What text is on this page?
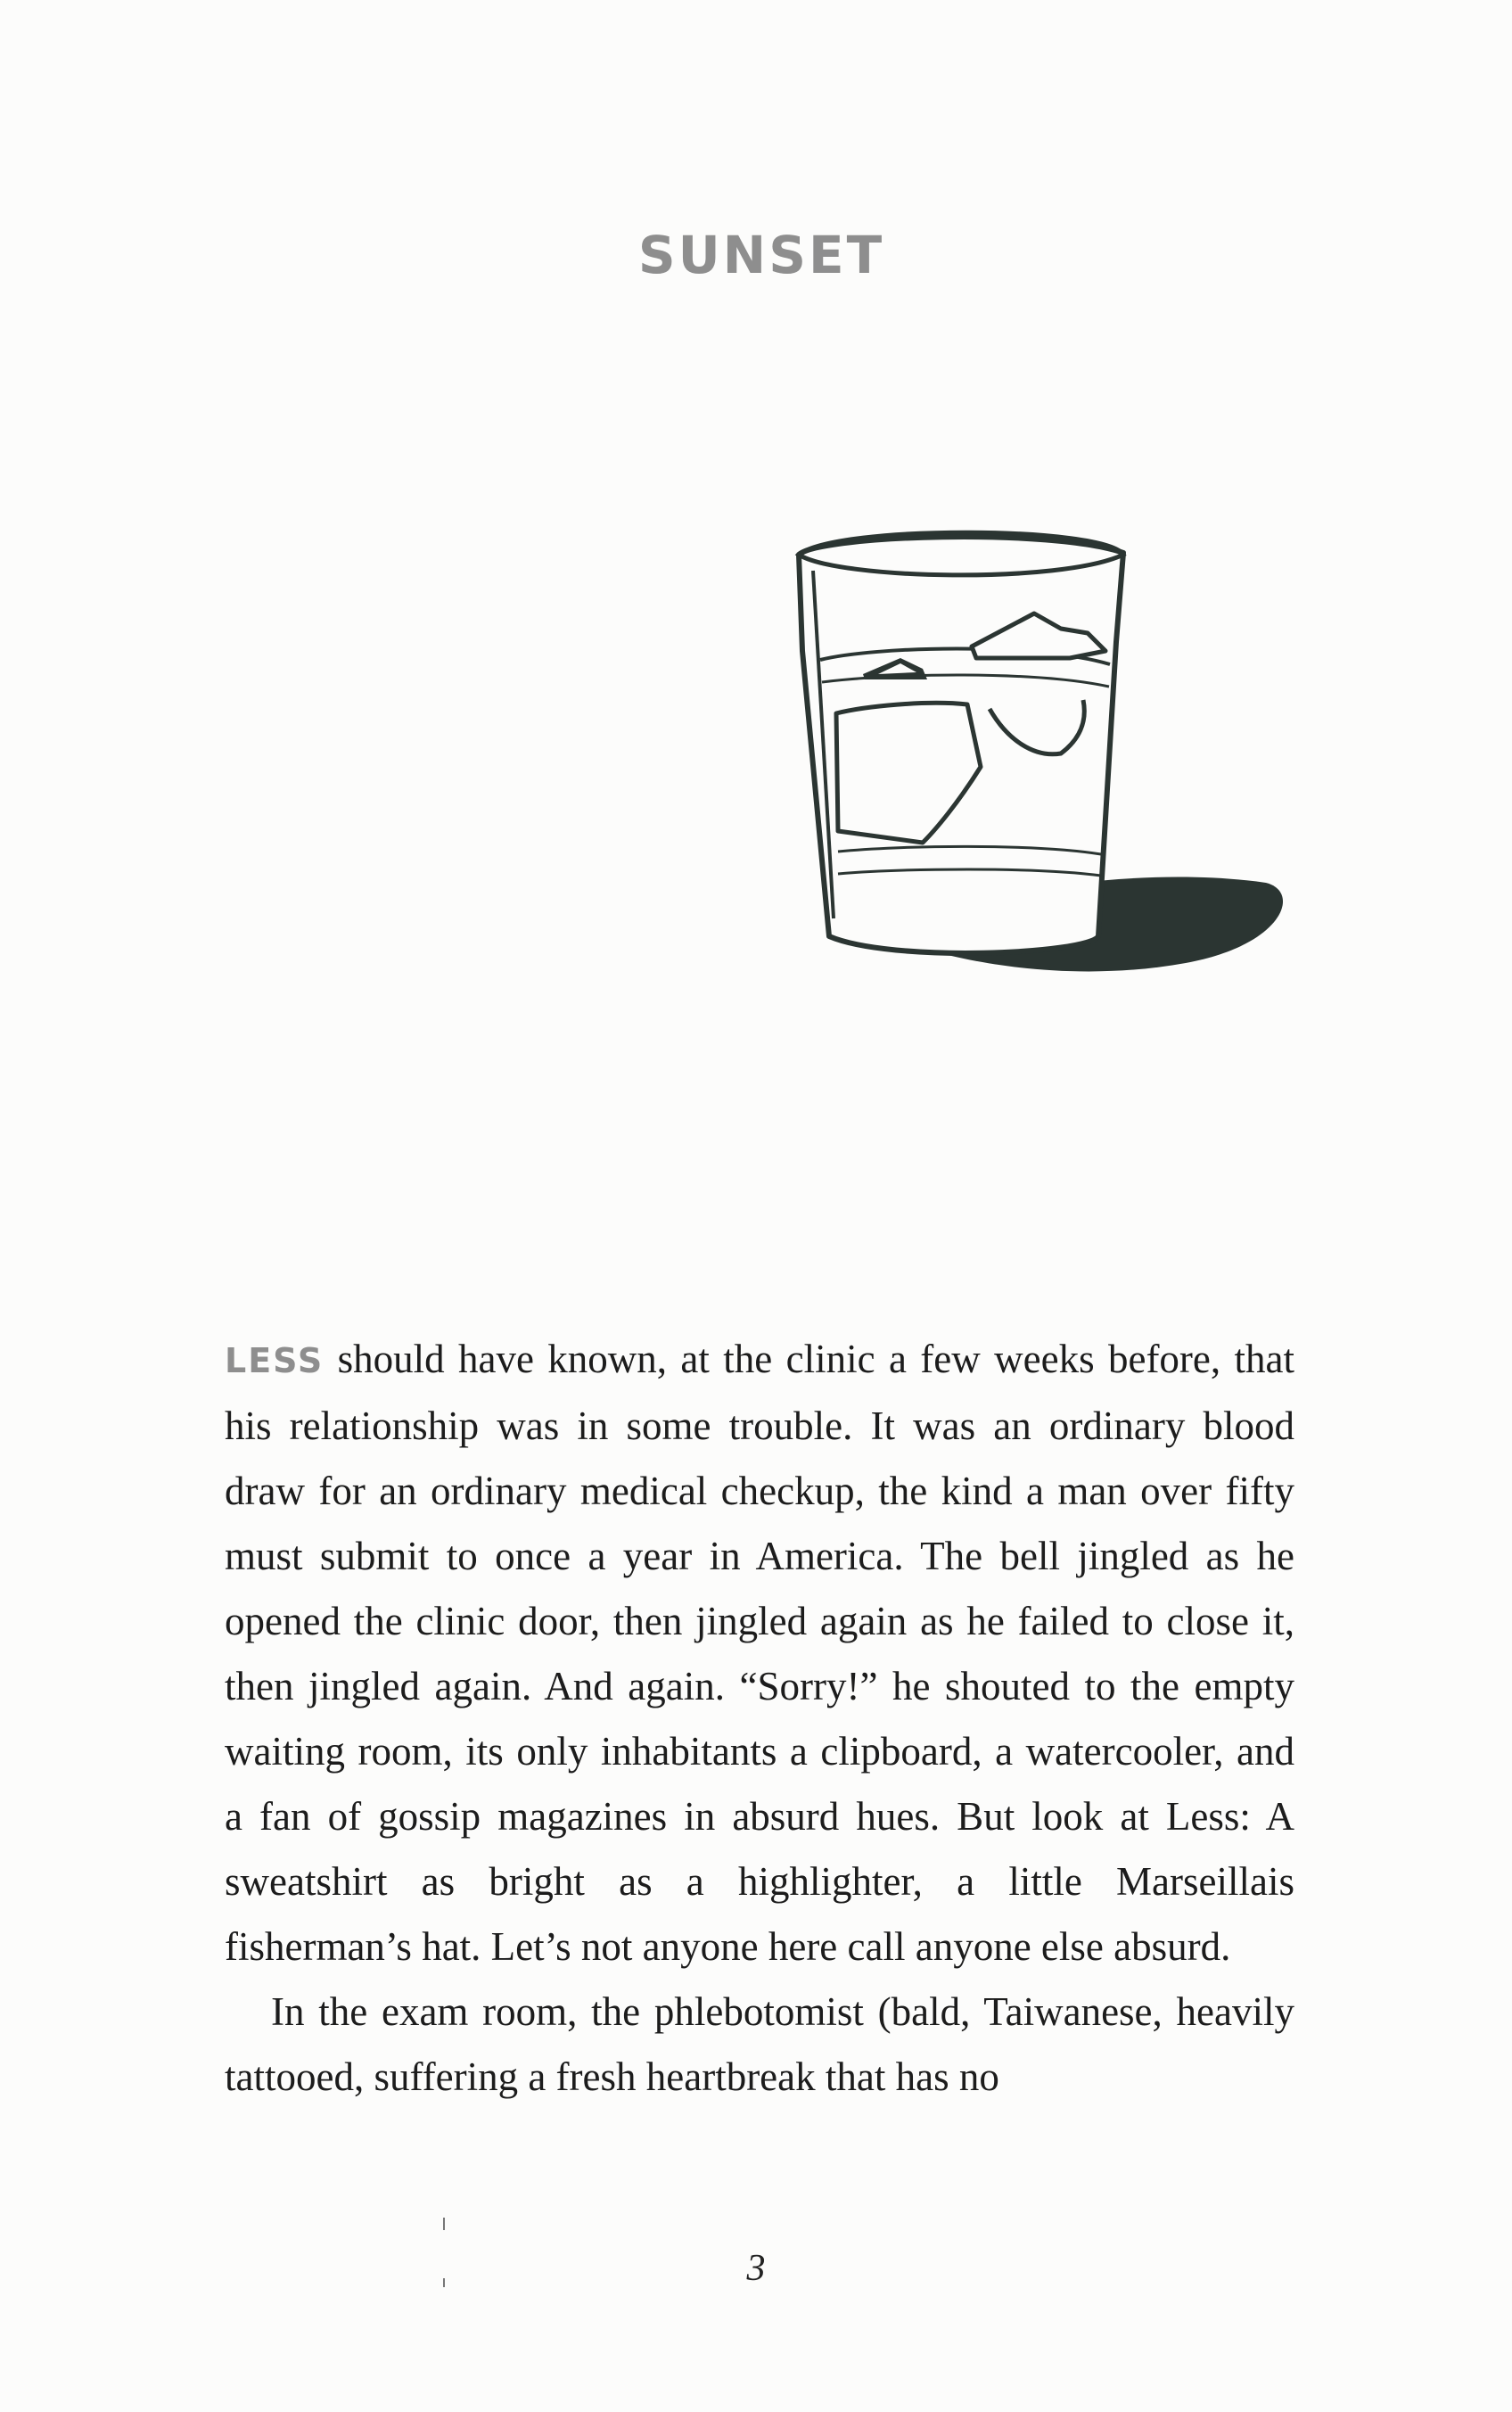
SUNSET

LESS should have known, at the clinic a few weeks before, that his relationship was in some trouble. It was an ordinary blood draw for an ordinary medical checkup, the kind a man over fifty must submit to once a year in America. The bell jingled as he opened the clinic door, then jingled again as he failed to close it, then jingled again. And again. “Sorry!” he shouted to the empty waiting room, its only inhabitants a clipboard, a watercooler, and a fan of gossip magazines in absurd hues. But look at Less: A sweatshirt as bright as a highlighter, a little Marseillais fisherman’s hat. Let’s not anyone here call anyone else absurd.

In the exam room, the phlebotomist (bald, Taiwanese, heavily tattooed, suffering a fresh heartbreak that has no

3
